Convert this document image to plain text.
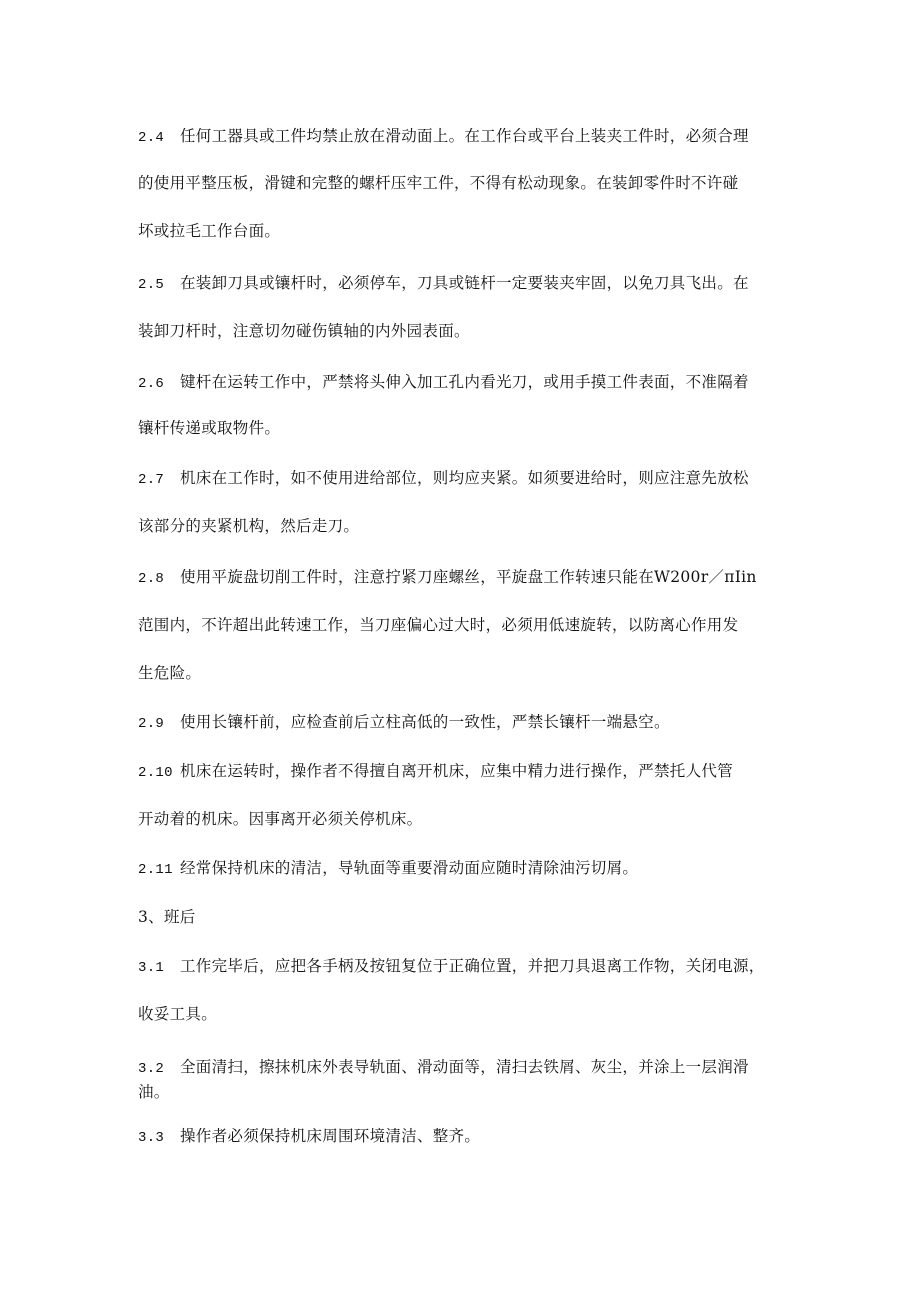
2.4 任何工器具或工件均禁止放在滑动面上。在工作台或平台上装夹工件时，必须合理
的使用平整压板，滑键和完整的螺杆压牢工件，不得有松动现象。在装卸零件时不许碰
坏或拉毛工作台面。
2.5 在装卸刀具或镶杆时，必须停车，刀具或链杆一定要装夹牢固，以免刀具飞出。在
装卸刀杆时，注意切勿碰伤镇轴的内外园表面。
2.6 键杆在运转工作中，严禁将头伸入加工孔内看光刀，或用手摸工件表面，不准隔着
镶杆传递或取物件。
2.7 机床在工作时，如不使用进给部位，则均应夹紧。如须要进给时，则应注意先放松
该部分的夹紧机构，然后走刀。
2.8 使用平旋盘切削工件时，注意拧紧刀座螺丝，平旋盘工作转速只能在W200r／πIin
范围内，不许超出此转速工作，当刀座偏心过大时，必须用低速旋转，以防离心作用发
生危险。
2.9 使用长镶杆前，应检查前后立柱高低的一致性，严禁长镶杆一端悬空。
2.10 机床在运转时，操作者不得擅自离开机床，应集中精力进行操作，严禁托人代管
开动着的机床。因事离开必须关停机床。
2.11 经常保持机床的清洁，导轨面等重要滑动面应随时清除油污切屑。
3、班后
3.1 工作完毕后，应把各手柄及按钮复位于正确位置，并把刀具退离工作物，关闭电源，
收妥工具。
3.2 全面清扫，擦抹机床外表导轨面、滑动面等，清扫去铁屑、灰尘，并涂上一层润滑
油。
3.3 操作者必须保持机床周围环境清洁、整齐。
